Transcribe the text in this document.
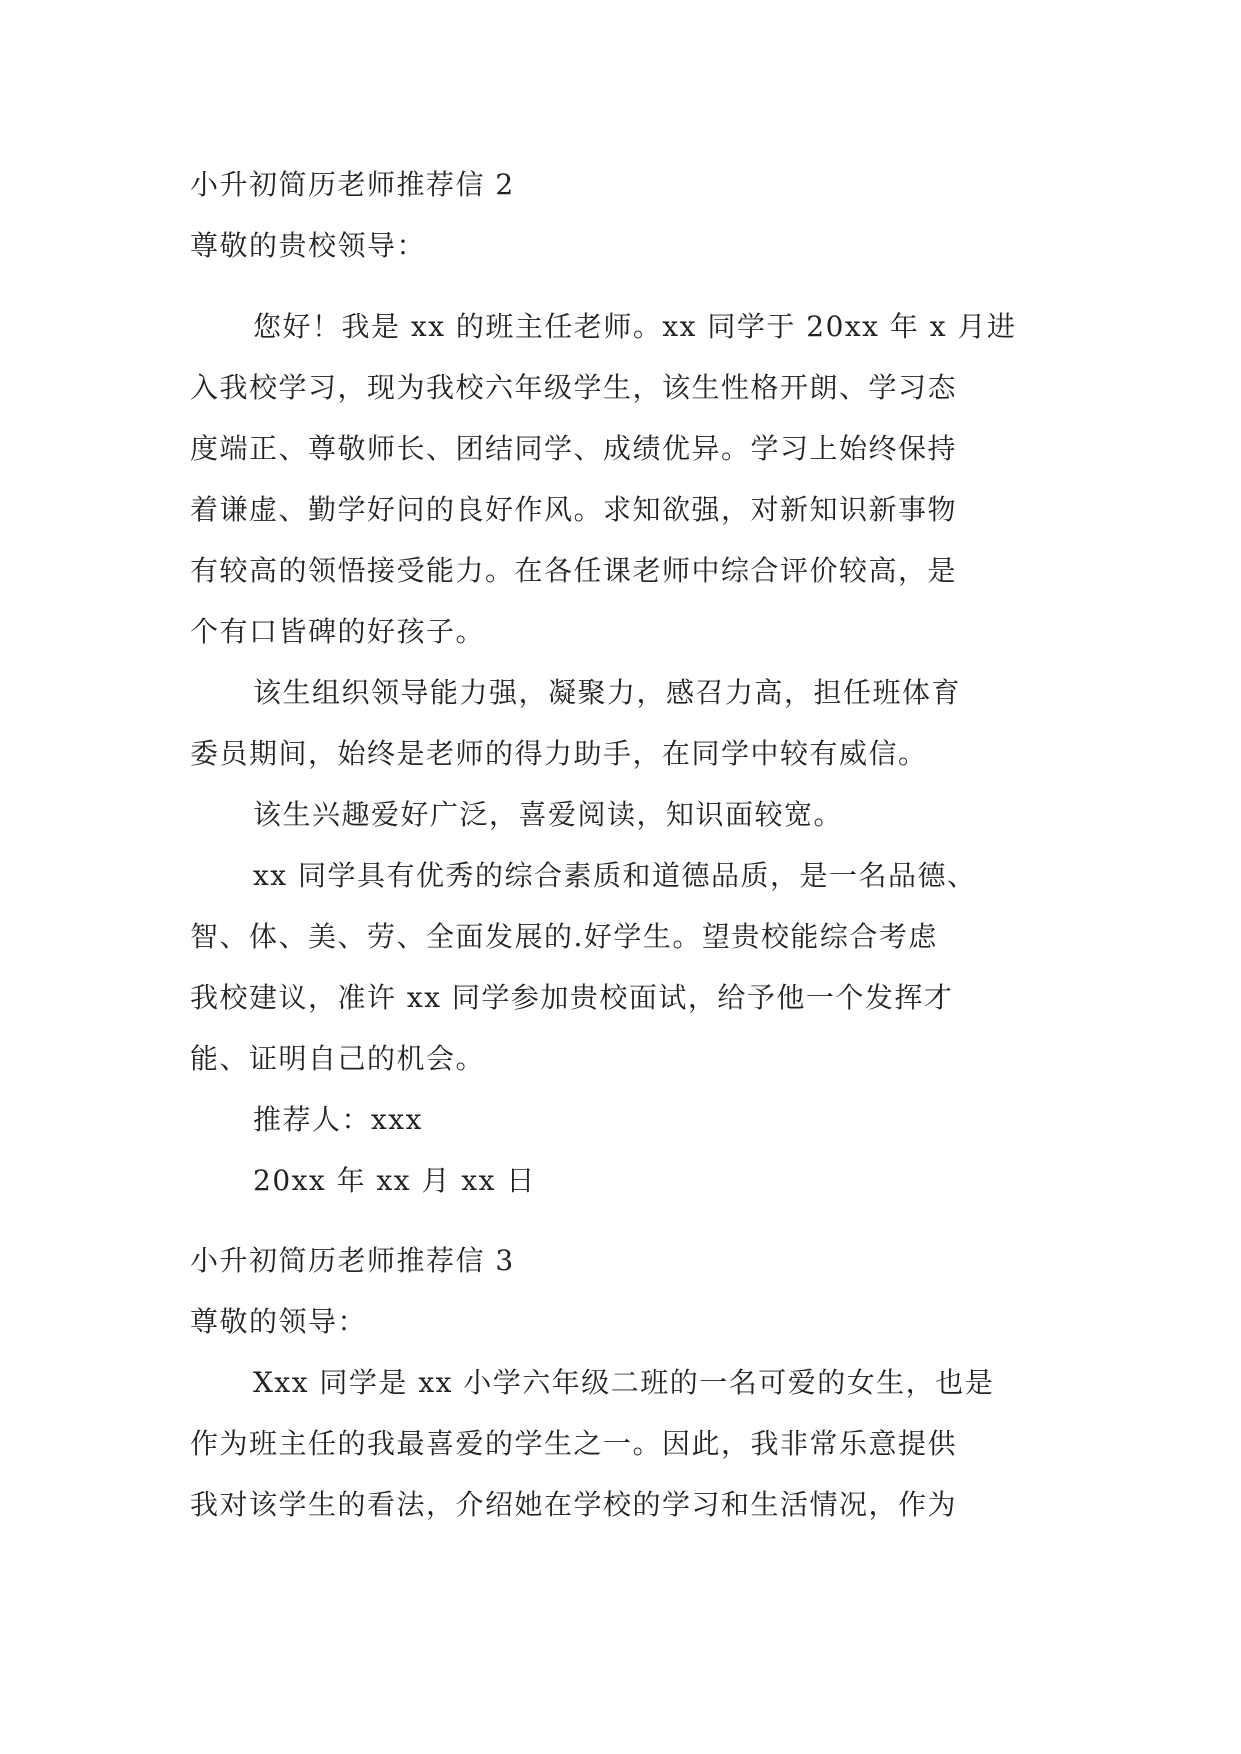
小升初简历老师推荐信 2
尊敬的贵校领导：
您好！我是 xx 的班主任老师。xx 同学于 20xx 年 x 月进
入我校学习，现为我校六年级学生，该生性格开朗、学习态
度端正、尊敬师长、团结同学、成绩优异。学习上始终保持
着谦虚、勤学好问的良好作风。求知欲强，对新知识新事物
有较高的领悟接受能力。在各任课老师中综合评价较高，是
个有口皆碑的好孩子。
该生组织领导能力强，凝聚力，感召力高，担任班体育
委员期间，始终是老师的得力助手，在同学中较有威信。
该生兴趣爱好广泛，喜爱阅读，知识面较宽。
xx 同学具有优秀的综合素质和道德品质，是一名品德、
智、体、美、劳、全面发展的.好学生。望贵校能综合考虑
我校建议，准许 xx 同学参加贵校面试，给予他一个发挥才
能、证明自己的机会。
推荐人：xxx
20xx 年 xx 月 xx 日
小升初简历老师推荐信 3
尊敬的领导：
Xxx 同学是 xx 小学六年级二班的一名可爱的女生，也是
作为班主任的我最喜爱的学生之一。因此，我非常乐意提供
我对该学生的看法，介绍她在学校的学习和生活情况，作为
